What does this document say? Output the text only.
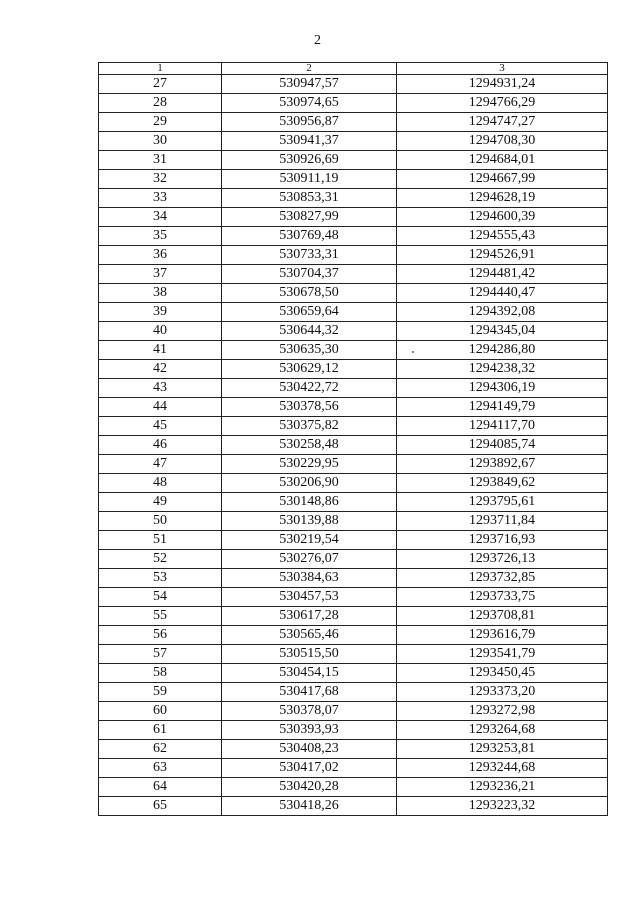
2
1	2	3
27	530947,57	1294931,24
28	530974,65	1294766,29
29	530956,87	1294747,27
30	530941,37	1294708,30
31	530926,69	1294684,01
32	530911,19	1294667,99
33	530853,31	1294628,19
34	530827,99	1294600,39
35	530769,48	1294555,43
36	530733,31	1294526,91
37	530704,37	1294481,42
38	530678,50	1294440,47
39	530659,64	1294392,08
40	530644,32	1294345,04
41	530635,30	1294286,80
42	530629,12	1294238,32
43	530422,72	1294306,19
44	530378,56	1294149,79
45	530375,82	1294117,70
46	530258,48	1294085,74
47	530229,95	1293892,67
48	530206,90	1293849,62
49	530148,86	1293795,61
50	530139,88	1293711,84
51	530219,54	1293716,93
52	530276,07	1293726,13
53	530384,63	1293732,85
54	530457,53	1293733,75
55	530617,28	1293708,81
56	530565,46	1293616,79
57	530515,50	1293541,79
58	530454,15	1293450,45
59	530417,68	1293373,20
60	530378,07	1293272,98
61	530393,93	1293264,68
62	530408,23	1293253,81
63	530417,02	1293244,68
64	530420,28	1293236,21
65	530418,26	1293223,32
